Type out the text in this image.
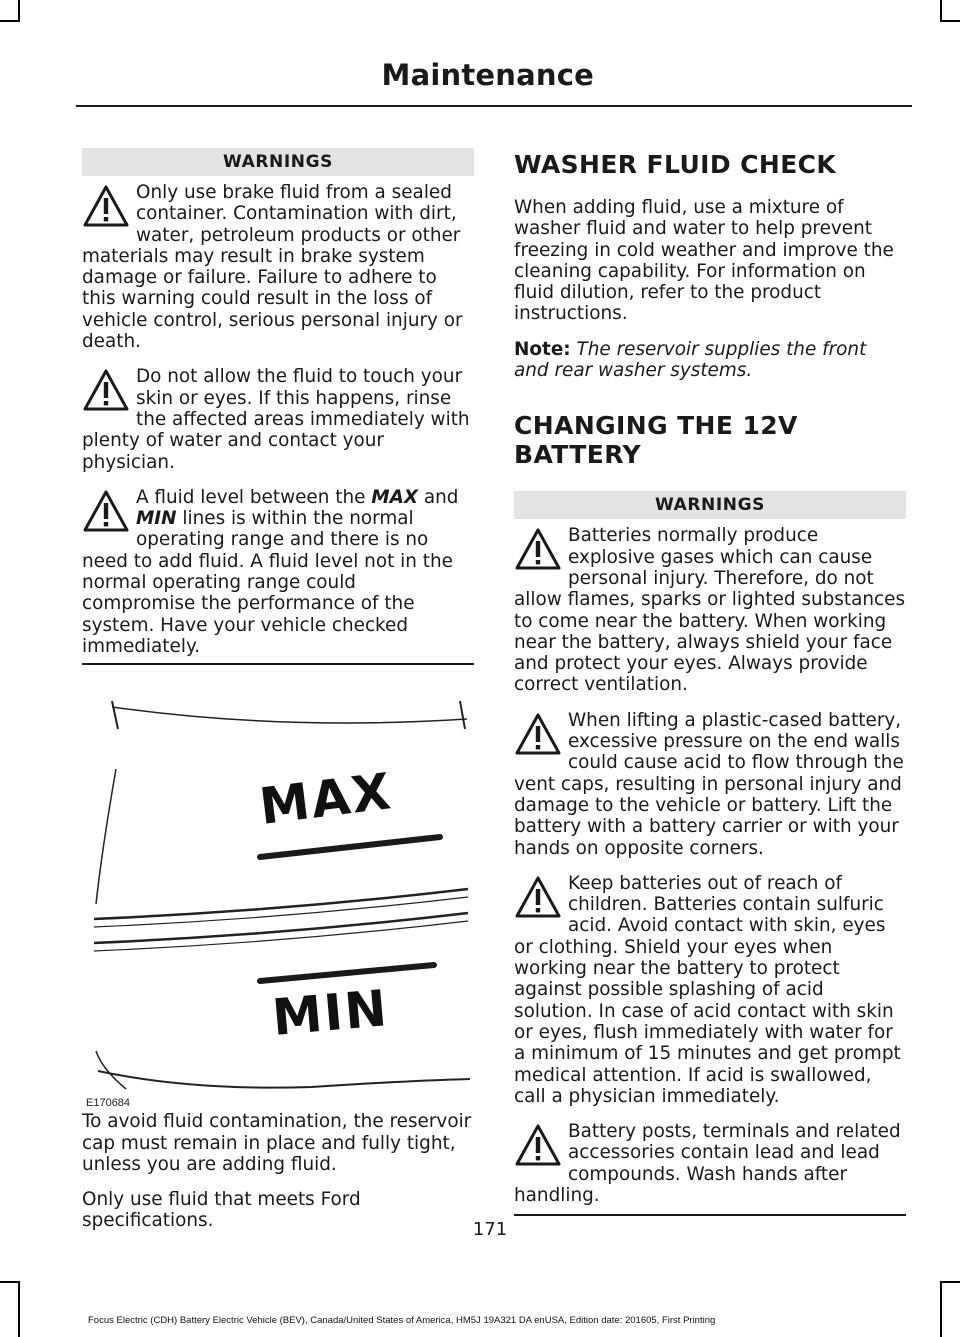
Maintenance
WARNINGS
Only use brake fluid from a sealed container. Contamination with dirt, water, petroleum products or other materials may result in brake system damage or failure. Failure to adhere to this warning could result in the loss of vehicle control, serious personal injury or death.
Do not allow the fluid to touch your skin or eyes. If this happens, rinse the affected areas immediately with plenty of water and contact your physician.
A fluid level between the MAX and MIN lines is within the normal operating range and there is no need to add fluid. A fluid level not in the normal operating range could compromise the performance of the system. Have your vehicle checked immediately.
MAX
MIN
E170684

To avoid fluid contamination, the reservoir cap must remain in place and fully tight, unless you are adding fluid.

Only use fluid that meets Ford specifications.

WASHER FLUID CHECK

When adding fluid, use a mixture of washer fluid and water to help prevent freezing in cold weather and improve the cleaning capability. For information on fluid dilution, refer to the product instructions.

Note: The reservoir supplies the front and rear washer systems.

CHANGING THE 12V BATTERY
WARNINGS
Batteries normally produce explosive gases which can cause personal injury. Therefore, do not allow flames, sparks or lighted substances to come near the battery. When working near the battery, always shield your face and protect your eyes. Always provide correct ventilation.
When lifting a plastic-cased battery, excessive pressure on the end walls could cause acid to flow through the vent caps, resulting in personal injury and damage to the vehicle or battery. Lift the battery with a battery carrier or with your hands on opposite corners.
Keep batteries out of reach of children. Batteries contain sulfuric acid. Avoid contact with skin, eyes or clothing. Shield your eyes when working near the battery to protect against possible splashing of acid solution. In case of acid contact with skin or eyes, flush immediately with water for a minimum of 15 minutes and get prompt medical attention. If acid is swallowed, call a physician immediately.
Battery posts, terminals and related accessories contain lead and lead compounds. Wash hands after handling.
171
Focus Electric (CDH) Battery Electric Vehicle (BEV), Canada/United States of America, HM5J 19A321 DA enUSA, Edition date: 201605, First Printing
